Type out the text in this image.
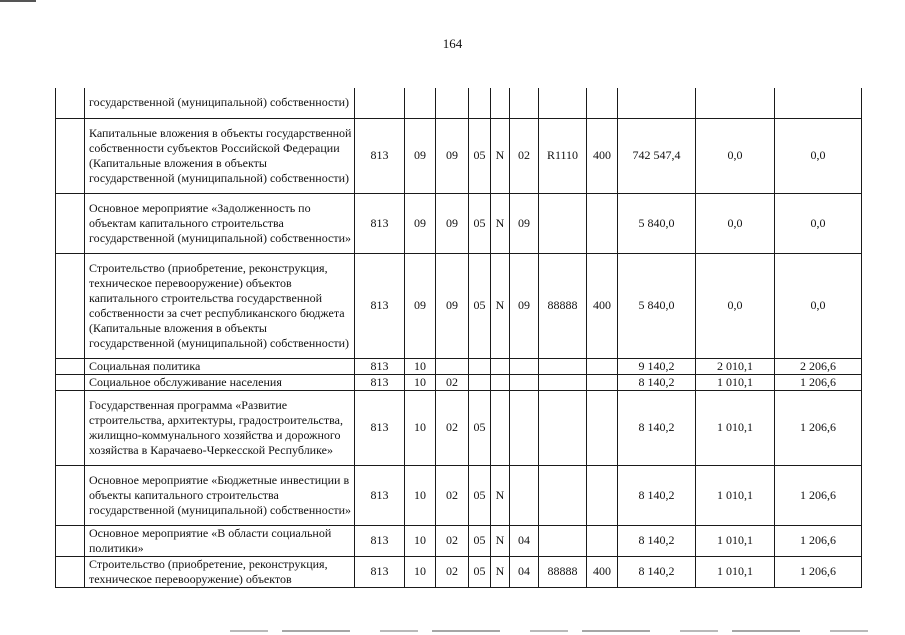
164
	государственной (муниципальной) собственности)											
	Капитальные вложения в объекты государственной собственности субъектов Российской Федерации (Капитальные вложения в объекты государственной (муниципальной) собственности)	813	09	09	05	N	02	R1110	400	742 547,4	0,0	0,0
	Основное мероприятие «Задолженность по объектам капитального строительства государственной (муниципальной) собственности»	813	09	09	05	N	09			5 840,0	0,0	0,0
	Строительство (приобретение, реконструкция, техническое перевооружение) объектов капитального строительства государственной собственности за счет республиканского бюджета (Капитальные вложения в объекты государственной (муниципальной) собственности)	813	09	09	05	N	09	88888	400	5 840,0	0,0	0,0
	Социальная политика	813	10							9 140,2	2 010,1	2 206,6
	Социальное обслуживание населения	813	10	02						8 140,2	1 010,1	1 206,6
	Государственная программа «Развитие строительства, архитектуры, градостроительства, жилищно-коммунального хозяйства и дорожного хозяйства в Карачаево-Черкесской Республике»	813	10	02	05					8 140,2	1 010,1	1 206,6
	Основное мероприятие «Бюджетные инвестиции в объекты капитального строительства государственной (муниципальной) собственности»	813	10	02	05	N				8 140,2	1 010,1	1 206,6
	Основное мероприятие «В области социальной политики»	813	10	02	05	N	04			8 140,2	1 010,1	1 206,6
	Строительство (приобретение, реконструкция, техническое перевооружение) объектов	813	10	02	05	N	04	88888	400	8 140,2	1 010,1	1 206,6
